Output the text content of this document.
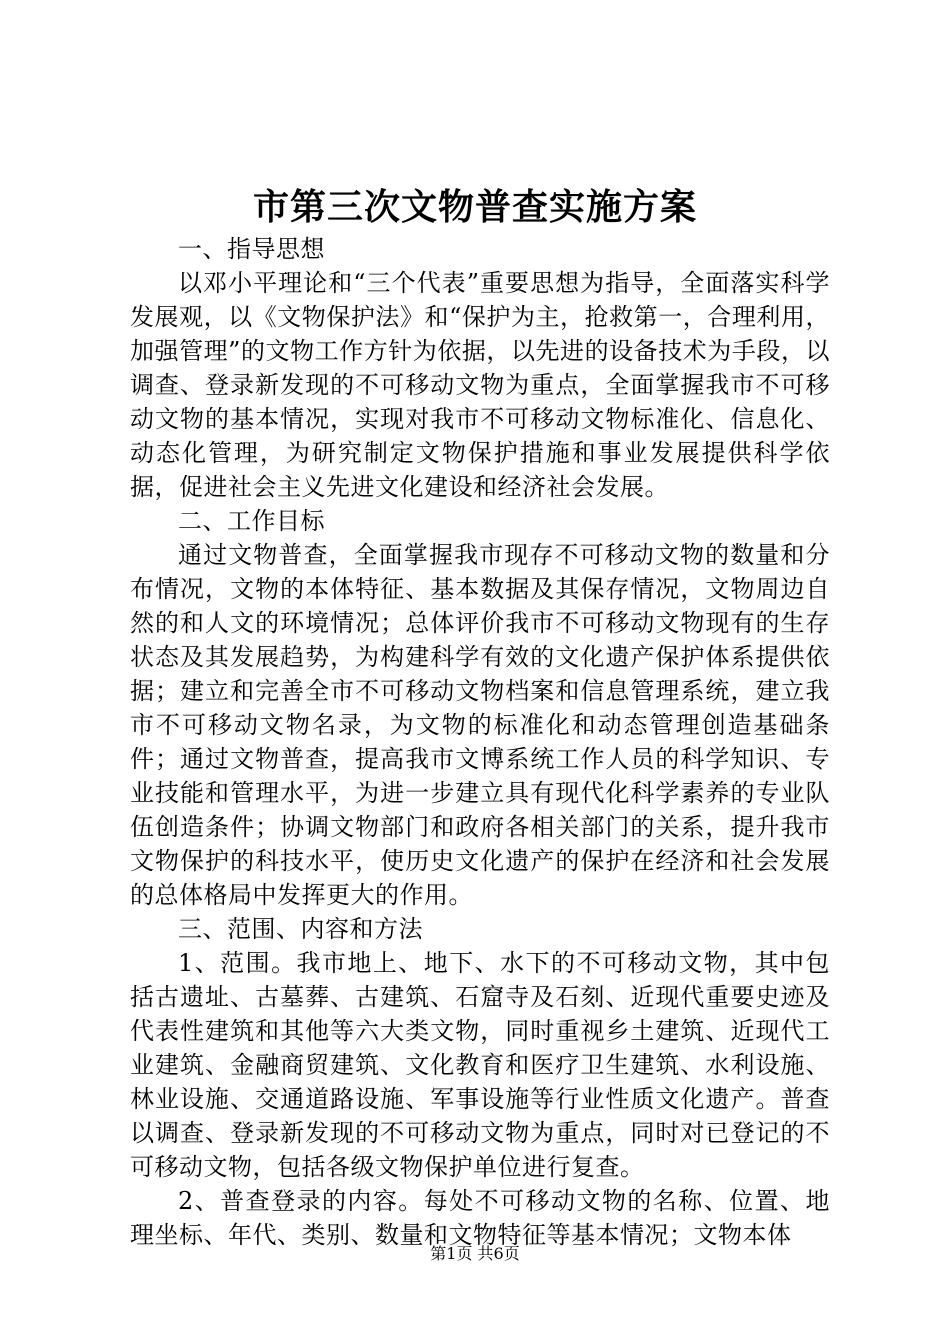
市第三次文物普查实施方案

一、指导思想

以邓小平理论和“三个代表”重要思想为指导，全面落实科学发展观，以《文物保护法》和“保护为主，抢救第一，合理利用，加强管理”的文物工作方针为依据，以先进的设备技术为手段，以调查、登录新发现的不可移动文物为重点，全面掌握我市不可移动文物的基本情况，实现对我市不可移动文物标准化、信息化、动态化管理，为研究制定文物保护措施和事业发展提供科学依据，促进社会主义先进文化建设和经济社会发展。

二、工作目标

通过文物普查，全面掌握我市现存不可移动文物的数量和分布情况，文物的本体特征、基本数据及其保存情况，文物周边自然的和人文的环境情况；总体评价我市不可移动文物现有的生存状态及其发展趋势，为构建科学有效的文化遗产保护体系提供依据；建立和完善全市不可移动文物档案和信息管理系统，建立我市不可移动文物名录，为文物的标准化和动态管理创造基础条件；通过文物普查，提高我市文博系统工作人员的科学知识、专业技能和管理水平，为进一步建立具有现代化科学素养的专业队伍创造条件；协调文物部门和政府各相关部门的关系，提升我市文物保护的科技水平，使历史文化遗产的保护在经济和社会发展的总体格局中发挥更大的作用。

三、范围、内容和方法

1、范围。我市地上、地下、水下的不可移动文物，其中包括古遗址、古墓葬、古建筑、石窟寺及石刻、近现代重要史迹及代表性建筑和其他等六大类文物，同时重视乡土建筑、近现代工业建筑、金融商贸建筑、文化教育和医疗卫生建筑、水利设施、林业设施、交通道路设施、军事设施等行业性质文化遗产。普查以调查、登录新发现的不可移动文物为重点，同时对已登记的不可移动文物，包括各级文物保护单位进行复查。

2、普查登录的内容。每处不可移动文物的名称、位置、地理坐标、年代、类别、数量和文物特征等基本情况；文物本体

第1页 共6页
